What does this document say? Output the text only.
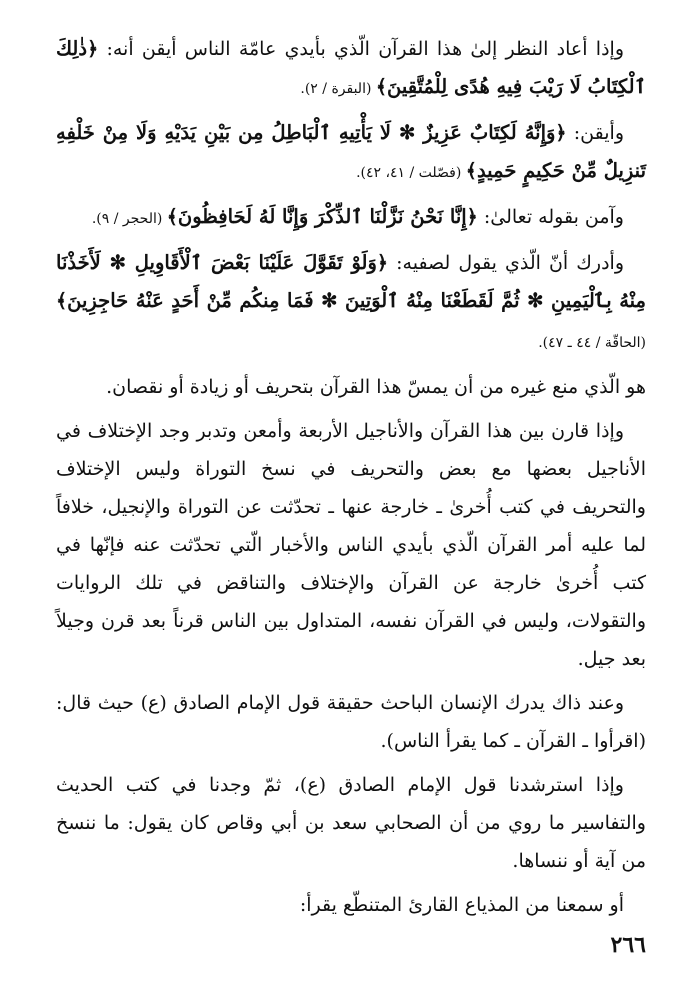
وإذا أعاد النظر إلىٰ هذا القرآن الّذي بأيدي عامّة الناس أيقن أنه: ﴿ذٰلِكَ ٱلْكِتَابُ لَا رَيْبَ فِيهِ هُدًى لِلْمُتَّقِينَ﴾ (البقرة / ٢).

وأيقن: ﴿وَإِنَّهُ لَكِتَابٌ عَزِيزٌ ✻ لَا يَأْتِيهِ ٱلْبَاطِلُ مِن بَيْنِ يَدَيْهِ وَلَا مِنْ خَلْفِهِ تَنزِيلٌ مِّنْ حَكِيمٍ حَمِيدٍ﴾ (فصّلت / ٤١، ٤٢).

وآمن بقوله تعالىٰ: ﴿إِنَّا نَحْنُ نَزَّلْنَا ٱلذِّكْرَ وَإِنَّا لَهُ لَحَافِظُونَ﴾ (الحجر / ٩).

وأدرك أنّ الّذي يقول لصفيه: ﴿وَلَوْ تَقَوَّلَ عَلَيْنَا بَعْضَ ٱلْأَقَاوِيلِ ✻ لَأَخَذْنَا مِنْهُ بِٱلْيَمِينِ ✻ ثُمَّ لَقَطَعْنَا مِنْهُ ٱلْوَتِينَ ✻ فَمَا مِنكُم مِّنْ أَحَدٍ عَنْهُ حَاجِزِينَ﴾ (الحاقّة / ٤٤ ـ ٤٧).

هو الّذي منع غيره من أن يمسّ هذا القرآن بتحريف أو زيادة أو نقصان.

وإذا قارن بين هذا القرآن والأناجيل الأربعة وأمعن وتدبر وجد الإختلاف في الأناجيل بعضها مع بعض والتحريف في نسخ التوراة وليس الإختلاف والتحريف في كتب أُخرىٰ ـ خارجة عنها ـ تحدّثت عن التوراة والإنجيل، خلافاً لما عليه أمر القرآن الّذي بأيدي الناس والأخبار الّتي تحدّثت عنه فإنّها في كتب أُخرىٰ خارجة عن القرآن والإختلاف والتناقض في تلك الروايات والتقولات، وليس في القرآن نفسه، المتداول بين الناس قرناً بعد قرن وجيلاً بعد جيل.

وعند ذاك يدرك الإنسان الباحث حقيقة قول الإمام الصادق (ع) حيث قال: (اقرأوا ـ القرآن ـ كما يقرأ الناس).

وإذا استرشدنا قول الإمام الصادق (ع)، ثمّ وجدنا في كتب الحديث والتفاسير ما روي من أن الصحابي سعد بن أبي وقاص كان يقول: ما ننسخ من آية أو ننساها.

أو سمعنا من المذياع القارئ المتنطّع يقرأ:

٢٦٦
